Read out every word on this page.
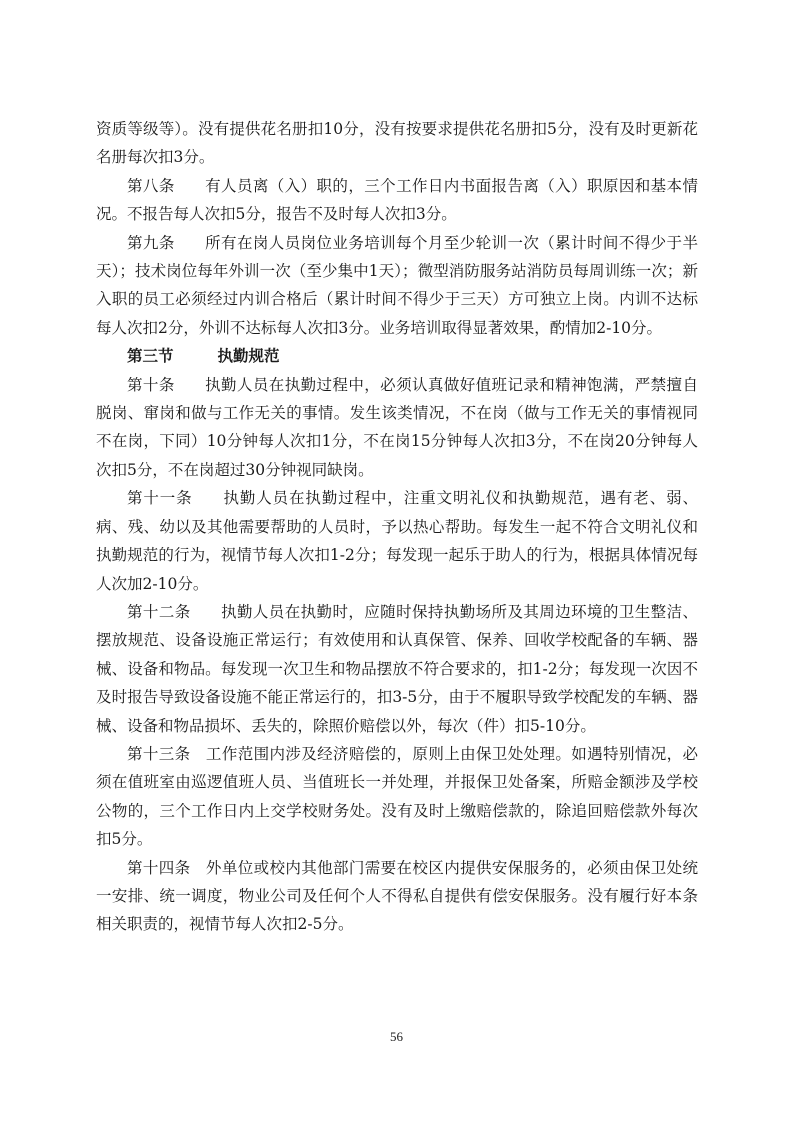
资质等级等）。没有提供花名册扣10分，没有按要求提供花名册扣5分，没有及时更新花名册每次扣3分。

第八条 有人员离（入）职的，三个工作日内书面报告离（入）职原因和基本情况。不报告每人次扣5分，报告不及时每人次扣3分。

第九条 所有在岗人员岗位业务培训每个月至少轮训一次（累计时间不得少于半天）；技术岗位每年外训一次（至少集中1天）；微型消防服务站消防员每周训练一次；新入职的员工必须经过内训合格后（累计时间不得少于三天）方可独立上岗。内训不达标每人次扣2分，外训不达标每人次扣3分。业务培训取得显著效果，酌情加2-10分。

第三节	执勤规范

第十条 执勤人员在执勤过程中，必须认真做好值班记录和精神饱满，严禁擅自脱岗、窜岗和做与工作无关的事情。发生该类情况，不在岗（做与工作无关的事情视同不在岗，下同）10分钟每人次扣1分，不在岗15分钟每人次扣3分，不在岗20分钟每人次扣5分，不在岗超过30分钟视同缺岗。

第十一条 执勤人员在执勤过程中，注重文明礼仪和执勤规范，遇有老、弱、病、残、幼以及其他需要帮助的人员时，予以热心帮助。每发生一起不符合文明礼仪和执勤规范的行为，视情节每人次扣1-2分；每发现一起乐于助人的行为，根据具体情况每人次加2-10分。

第十二条 执勤人员在执勤时，应随时保持执勤场所及其周边环境的卫生整洁、摆放规范、设备设施正常运行；有效使用和认真保管、保养、回收学校配备的车辆、器械、设备和物品。每发现一次卫生和物品摆放不符合要求的，扣1-2分；每发现一次因不及时报告导致设备设施不能正常运行的，扣3-5分，由于不履职导致学校配发的车辆、器械、设备和物品损坏、丢失的，除照价赔偿以外，每次（件）扣5-10分。

第十三条 工作范围内涉及经济赔偿的，原则上由保卫处处理。如遇特别情况，必须在值班室由巡逻值班人员、当值班长一并处理，并报保卫处备案，所赔金额涉及学校公物的，三个工作日内上交学校财务处。没有及时上缴赔偿款的，除追回赔偿款外每次扣5分。

第十四条 外单位或校内其他部门需要在校区内提供安保服务的，必须由保卫处统一安排、统一调度，物业公司及任何个人不得私自提供有偿安保服务。没有履行好本条相关职责的，视情节每人次扣2-5分。

56
